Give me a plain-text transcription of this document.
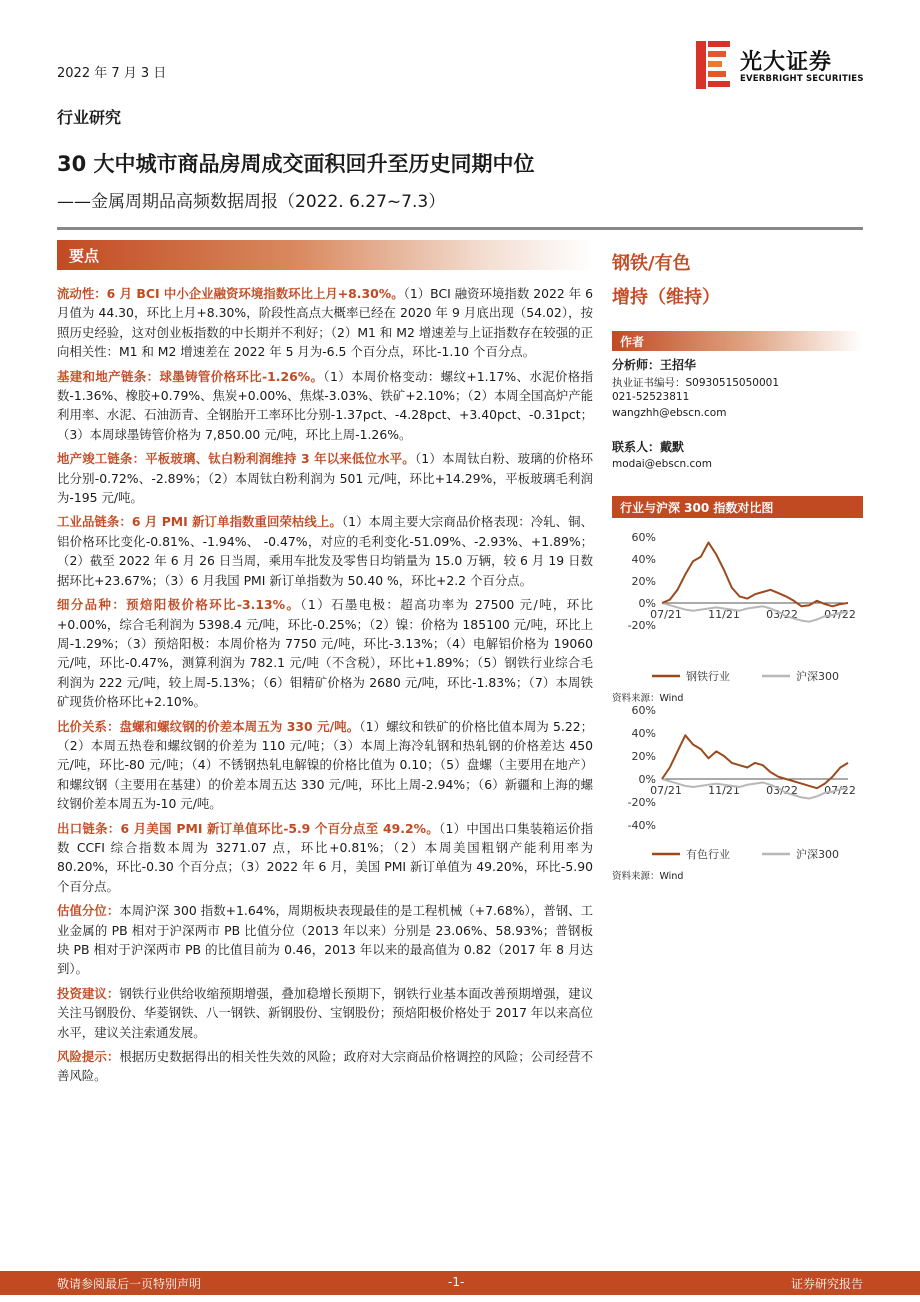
2022 年 7 月 3 日	光大证券
EVERBRIGHT SECURITIES
行业研究
30 大中城市商品房周成交面积回升至历史同期中位
——金属周期品高频数据周报（2022. 6.27~7.3）
要点

流动性：6 月 BCI 中小企业融资环境指数环比上月+8.30%。（1）BCI 融资环境指数 2022 年 6 月值为 44.30，环比上月+8.30%，阶段性高点大概率已经在 2020 年 9 月底出现（54.02），按照历史经验，这对创业板指数的中长期并不利好；（2）M1 和 M2 增速差与上证指数存在较强的正向相关性：M1 和 M2 增速差在 2022 年 5 月为-6.5 个百分点，环比-1.10 个百分点。

基建和地产链条：球墨铸管价格环比-1.26%。（1）本周价格变动：螺纹+1.17%、水泥价格指数-1.36%、橡胶+0.79%、焦炭+0.00%、焦煤-3.03%、铁矿+2.10%；（2）本周全国高炉产能利用率、水泥、石油沥青、全钢胎开工率环比分别-1.37pct、-4.28pct、+3.40pct、-0.31pct；（3）本周球墨铸管价格为 7,850.00 元/吨，环比上周-1.26%。

地产竣工链条：平板玻璃、钛白粉利润维持 3 年以来低位水平。（1）本周钛白粉、玻璃的价格环比分别-0.72%、-2.89%；（2）本周钛白粉利润为 501 元/吨，环比+14.29%，平板玻璃毛利润为-195 元/吨。

工业品链条：6 月 PMI 新订单指数重回荣枯线上。（1）本周主要大宗商品价格表现：冷轧、铜、铝价格环比变化-0.81%、-1.94%、 -0.47%，对应的毛利变化-51.09%、-2.93%、+1.89%；（2）截至 2022 年 6 月 26 日当周，乘用车批发及零售日均销量为 15.0 万辆，较 6 月 19 日数据环比+23.67%；（3）6 月我国 PMI 新订单指数为 50.40 %，环比+2.2 个百分点。

细分品种：预焙阳极价格环比-3.13%。（1）石墨电极：超高功率为 27500 元/吨，环比+0.00%，综合毛利润为 5398.4 元/吨，环比-0.25%；（2）镍：价格为 185100 元/吨，环比上周-1.29%；（3）预焙阳极：本周价格为 7750 元/吨，环比-3.13%；（4）电解铝价格为 19060 元/吨，环比-0.47%，测算利润为 782.1 元/吨（不含税），环比+1.89%；（5）钢铁行业综合毛利润为 222 元/吨，较上周-5.13%；（6）钼精矿价格为 2680 元/吨，环比-1.83%；（7）本周铁矿现货价格环比+2.10%。

比价关系：盘螺和螺纹钢的价差本周五为 330 元/吨。（1）螺纹和铁矿的价格比值本周为 5.22；（2）本周五热卷和螺纹钢的价差为 110 元/吨；（3）本周上海冷轧钢和热轧钢的价格差达 450 元/吨，环比-80 元/吨；（4）不锈钢热轧电解镍的价格比值为 0.10；（5）盘螺（主要用在地产）和螺纹钢（主要用在基建）的价差本周五达 330 元/吨，环比上周-2.94%；（6）新疆和上海的螺纹钢价差本周五为-10 元/吨。

出口链条：6 月美国 PMI 新订单值环比-5.9 个百分点至 49.2%。（1）中国出口集装箱运价指数 CCFI 综合指数本周为 3271.07 点，环比+0.81%；（2）本周美国粗钢产能利用率为 80.20%，环比-0.30 个百分点；（3）2022 年 6 月，美国 PMI 新订单值为 49.20%，环比-5.90 个百分点。

估值分位：本周沪深 300 指数+1.64%，周期板块表现最佳的是工程机械（+7.68%），普钢、工业金属的 PB 相对于沪深两市 PB 比值分位（2013 年以来）分别是 23.06%、58.93%；普钢板块 PB 相对于沪深两市 PB 的比值目前为 0.46，2013 年以来的最高值为 0.82（2017 年 8 月达到）。

投资建议：钢铁行业供给收缩预期增强，叠加稳增长预期下，钢铁行业基本面改善预期增强，建议关注马钢股份、华菱钢铁、八一钢铁、新钢股份、宝钢股份；预焙阳极价格处于 2017 年以来高位水平，建议关注索通发展。

风险提示：根据历史数据得出的相关性失效的风险；政府对大宗商品价格调控的风险；公司经营不善风险。

钢铁/有色
增持（维持）
作者
分析师：王招华
执业证书编号：S0930515050001
021-52523811
wangzhh@ebscn.com
联系人：戴默
modai@ebscn.com
行业与沪深 300 指数对比图
60%
40%
20%
0%
-20%
07/21 11/21 03/22 07/22
钢铁行业	沪深300
资料来源：Wind
60%
40%
20%
0%
-20%
-40%
07/21 11/21 03/22 07/22
有色行业	沪深300
资料来源：Wind
敬请参阅最后一页特别声明	-1-	证券研究报告
